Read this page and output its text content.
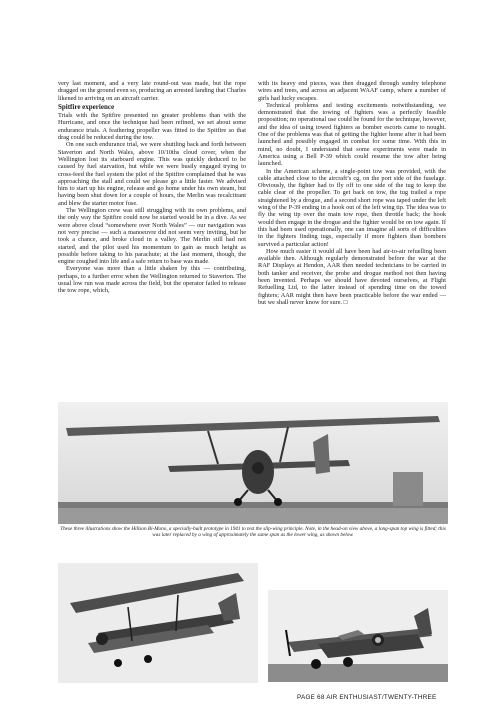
very last moment, and a very late round-out was made, but the rope dragged on the ground even so, producing an arrested landing that Charles likened to arriving on an aircraft carrier.

Spitfire experience

Trials with the Spitfire presented no greater problems than with the Hurricane, and once the technique had been refined, we set about some endurance trials. A feathering propeller was fitted to the Spitfire so that drag could be reduced during the tow.

On one such endurance trial, we were shuttling back and forth between Staverton and North Wales, above 10/10ths cloud cover, when the Wellington lost its starboard engine. This was quickly deduced to be caused by fuel starvation, but while we were busily engaged trying to cross-feed the fuel system the pilot of the Spitfire complained that he was approaching the stall and could we please go a little faster. We advised him to start up his engine, release and go home under his own steam, but having been shut down for a couple of hours, the Merlin was recalcitrant and blew the starter motor fuse.

The Wellington crew was still struggling with its own problems, and the only way the Spitfire could now be started would be in a dive. As we were above cloud “somewhere over North Wales” — our navigation was not very precise — such a manoeuvre did not seem very inviting, but he took a chance, and broke cloud in a valley. The Merlin still had not started, and the pilot used his momentum to gain as much height as possible before taking to his parachute; at the last moment, though, the engine coughed into life and a safe return to base was made.

Everyone was more than a little shaken by this — contributing, perhaps, to a further error when the Wellington returned to Staverton. The usual low run was made across the field, but the operator failed to release the tow rope, which,

with its heavy end pieces, was then dragged through sundry telephone wires and trees, and across an adjacent WAAF camp, where a number of girls had lucky escapes.

Technical problems and testing excitements notwithstanding, we demonstrated that the towing of fighters was a perfectly feasible proposition; no operational use could be found for the technique, however, and the idea of using towed fighters as bomber escorts came to nought. One of the problems was that of getting the fighter home after it had been launched and possibly engaged in combat for some time. With this in mind, no doubt, I understand that some experiments were made in America using a Bell P-39 which could resume the tow after being launched.

In the American scheme, a single-point tow was provided, with the cable attached close to the aircraft’s cg, on the port side of the fuselage. Obviously, the fighter had to fly off to one side of the tug to keep the cable clear of the propeller. To get back on tow, the tug trailed a rope straightened by a drogue, and a second short rope was taped under the left wing of the P-39 ending in a hook out of the left wing tip. The idea was to fly the wing tip over the main tow rope, then throttle back; the hook would then engage in the drogue and the fighter would be on tow again. If this had been used operationally, one can imagine all sorts of difficulties in the fighters finding tugs, especially if more fighters than bombers survived a particular action!

How much easier it would all have been had air-to-air refuelling been available then. Although regularly demonstrated before the war at the RAF Displays at Hendon, AAR then needed technicians to be carried in both tanker and receiver, the probe and drogue method not then having been invented. Perhaps we should have devoted ourselves, at Flight Refuelling Ltd, to the latter instead of spending time on the towed fighters; AAR might then have been practicable before the war ended — but we shall never know for sure. □

These three illustrations show the Hillson Bi-Mono, a specially-built prototype in 1941 to test the slip-wing principle. Note, in the head-on view above, a long-span top wing is fitted; this was later replaced by a wing of approximately the same span as the lower wing, as shown below.
PAGE 68 AIR ENTHUSIAST/TWENTY-THREE
